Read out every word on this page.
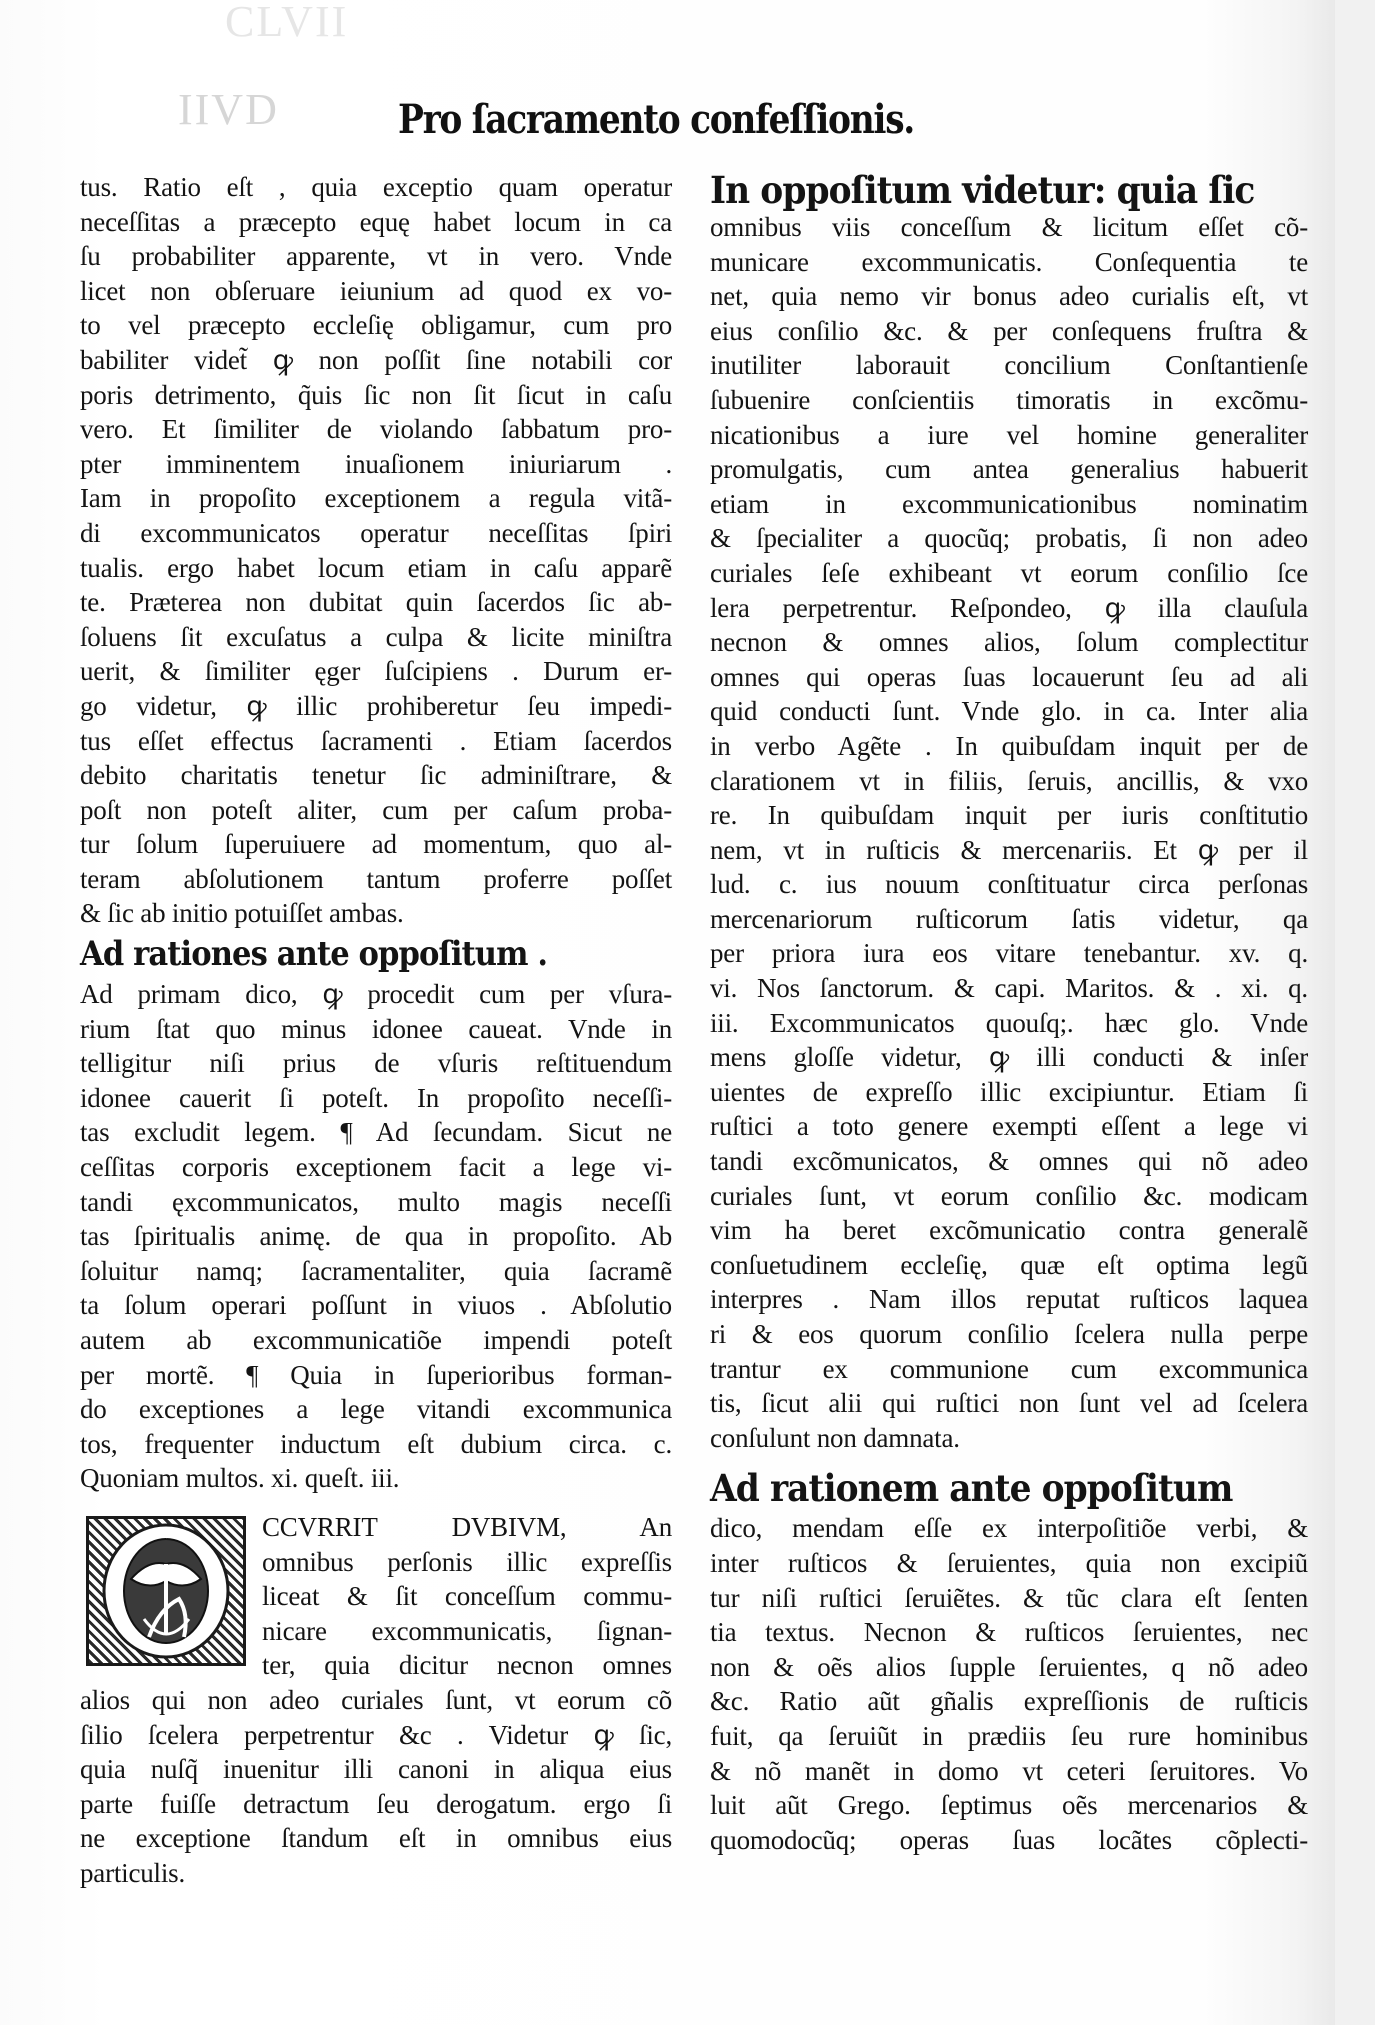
IIVD
CLVII
Pro ſacramento confeſſionis.
tus. Ratio eſt , quia exceptio quam operatur
neceſſitas a præcepto equę habet locum in ca
ſu probabiliter apparente, vt in vero. Vnde
licet non obſeruare ieiunium ad quod ex vo-
to vel præcepto eccleſię obligamur, cum pro
babiliter videt̃ ꝙ non poſſit ſine notabili cor
poris detrimento, q̃uis ſic non ſit ſicut in caſu
vero. Et ſimiliter de violando ſabbatum pro-
pter imminentem inuaſionem iniuriarum .
Iam in propoſito exceptionem a regula vitã-
di excommunicatos operatur neceſſitas ſpiri
tualis. ergo habet locum etiam in caſu apparẽ
te. Præterea non dubitat quin ſacerdos ſic ab-
ſoluens ſit excuſatus a culpa & licite miniſtra
uerit, & ſimiliter ęger ſuſcipiens . Durum er-
go videtur, ꝙ illic prohiberetur ſeu impedi-
tus eſſet effectus ſacramenti . Etiam ſacerdos
debito charitatis tenetur ſic adminiſtrare, &
poſt non poteſt aliter, cum per caſum proba-
tur ſolum ſuperuiuere ad momentum, quo al-
teram abſolutionem tantum proferre poſſet
& ſic ab initio potuiſſet ambas.
Ad rationes ante oppoſitum .
Ad primam dico, ꝙ procedit cum per vſura-
rium ſtat quo minus idonee caueat. Vnde in
telligitur niſi prius de vſuris reſtituendum
idonee cauerit ſi poteſt. In propoſito neceſſi-
tas excludit legem. ¶ Ad ſecundam. Sicut ne
ceſſitas corporis exceptionem facit a lege vi-
tandi ęxcommunicatos, multo magis neceſſi
tas ſpiritualis animę. de qua in propoſito. Ab
ſoluitur namq; ſacramentaliter, quia ſacramẽ
ta ſolum operari poſſunt in viuos . Abſolutio
autem ab excommunicatiõe impendi poteſt
per mortẽ. ¶ Quia in ſuperioribus forman-
do exceptiones a lege vitandi excommunica
tos, frequenter inductum eſt dubium circa. c.
Quoniam multos. xi. queſt. iii.
O	CCVRRIT DVBIVM, An
omnibus perſonis illic expreſſis
liceat & ſit conceſſum commu-
nicare excommunicatis, ſignan-
ter, quia dicitur necnon omnes
alios qui non adeo curiales ſunt, vt eorum cõ
ſilio ſcelera perpetrentur &c . Videtur ꝙ ſic,
quia nuſq̃ inuenitur illi canoni in aliqua eius
parte fuiſſe detractum ſeu derogatum. ergo ſi
ne exceptione ſtandum eſt in omnibus eius
particulis.
In oppoſitum videtur: quia ſic
omnibus viis conceſſum & licitum eſſet cõ-
municare excommunicatis. Conſequentia te
net, quia nemo vir bonus adeo curialis eſt, vt
eius conſilio &c. & per conſequens fruſtra &
inutiliter laborauit concilium Conſtantienſe
ſubuenire conſcientiis timoratis in excõmu-
nicationibus a iure vel homine generaliter
promulgatis, cum antea generalius habuerit
etiam in excommunicationibus nominatim
& ſpecialiter a quocũq; probatis, ſi non adeo
curiales ſeſe exhibeant vt eorum conſilio ſce
lera perpetrentur. Reſpondeo, ꝙ illa clauſula
necnon & omnes alios, ſolum complectitur
omnes qui operas ſuas locauerunt ſeu ad ali
quid conducti ſunt. Vnde glo. in ca. Inter alia
in verbo Agẽte . In quibuſdam inquit per de
clarationem vt in filiis, ſeruis, ancillis, & vxo
re. In quibuſdam inquit per iuris conſtitutio
nem, vt in ruſticis & mercenariis. Et ꝙ per il
lud. c. ius nouum conſtituatur circa perſonas
mercenariorum ruſticorum ſatis videtur, qa
per priora iura eos vitare tenebantur. xv. q.
vi. Nos ſanctorum. & capi. Maritos. & . xi. q.
iii. Excommunicatos quouſq;. hæc glo. Vnde
mens gloſſe videtur, ꝙ illi conducti & inſer
uientes de expreſſo illic excipiuntur. Etiam ſi
ruſtici a toto genere exempti eſſent a lege vi
tandi excõmunicatos, & omnes qui nõ adeo
curiales ſunt, vt eorum conſilio &c. modicam
vim ha beret excõmunicatio contra generalẽ
conſuetudinem eccleſię, quæ eſt optima legũ
interpres . Nam illos reputat ruſticos laquea
ri & eos quorum conſilio ſcelera nulla perpe
trantur ex communione cum excommunica
tis, ſicut alii qui ruſtici non ſunt vel ad ſcelera
conſulunt non damnata.
Ad rationem ante oppoſitum
dico, mendam eſſe ex interpoſitiõe verbi, &
inter ruſticos & ſeruientes, quia non excipiũ
tur niſi ruſtici ſeruiẽtes. & tũc clara eſt ſenten
tia textus. Necnon & ruſticos ſeruientes, nec
non & oẽs alios ſupple ſeruientes, q nõ adeo
&c. Ratio aũt gñalis expreſſionis de ruſticis
fuit, qa ſeruiũt in prædiis ſeu rure hominibus
& nõ manẽt in domo vt ceteri ſeruitores. Vo
luit aũt Grego. ſeptimus oẽs mercenarios &
quomodocũq; operas ſuas locãtes cõplecti-
